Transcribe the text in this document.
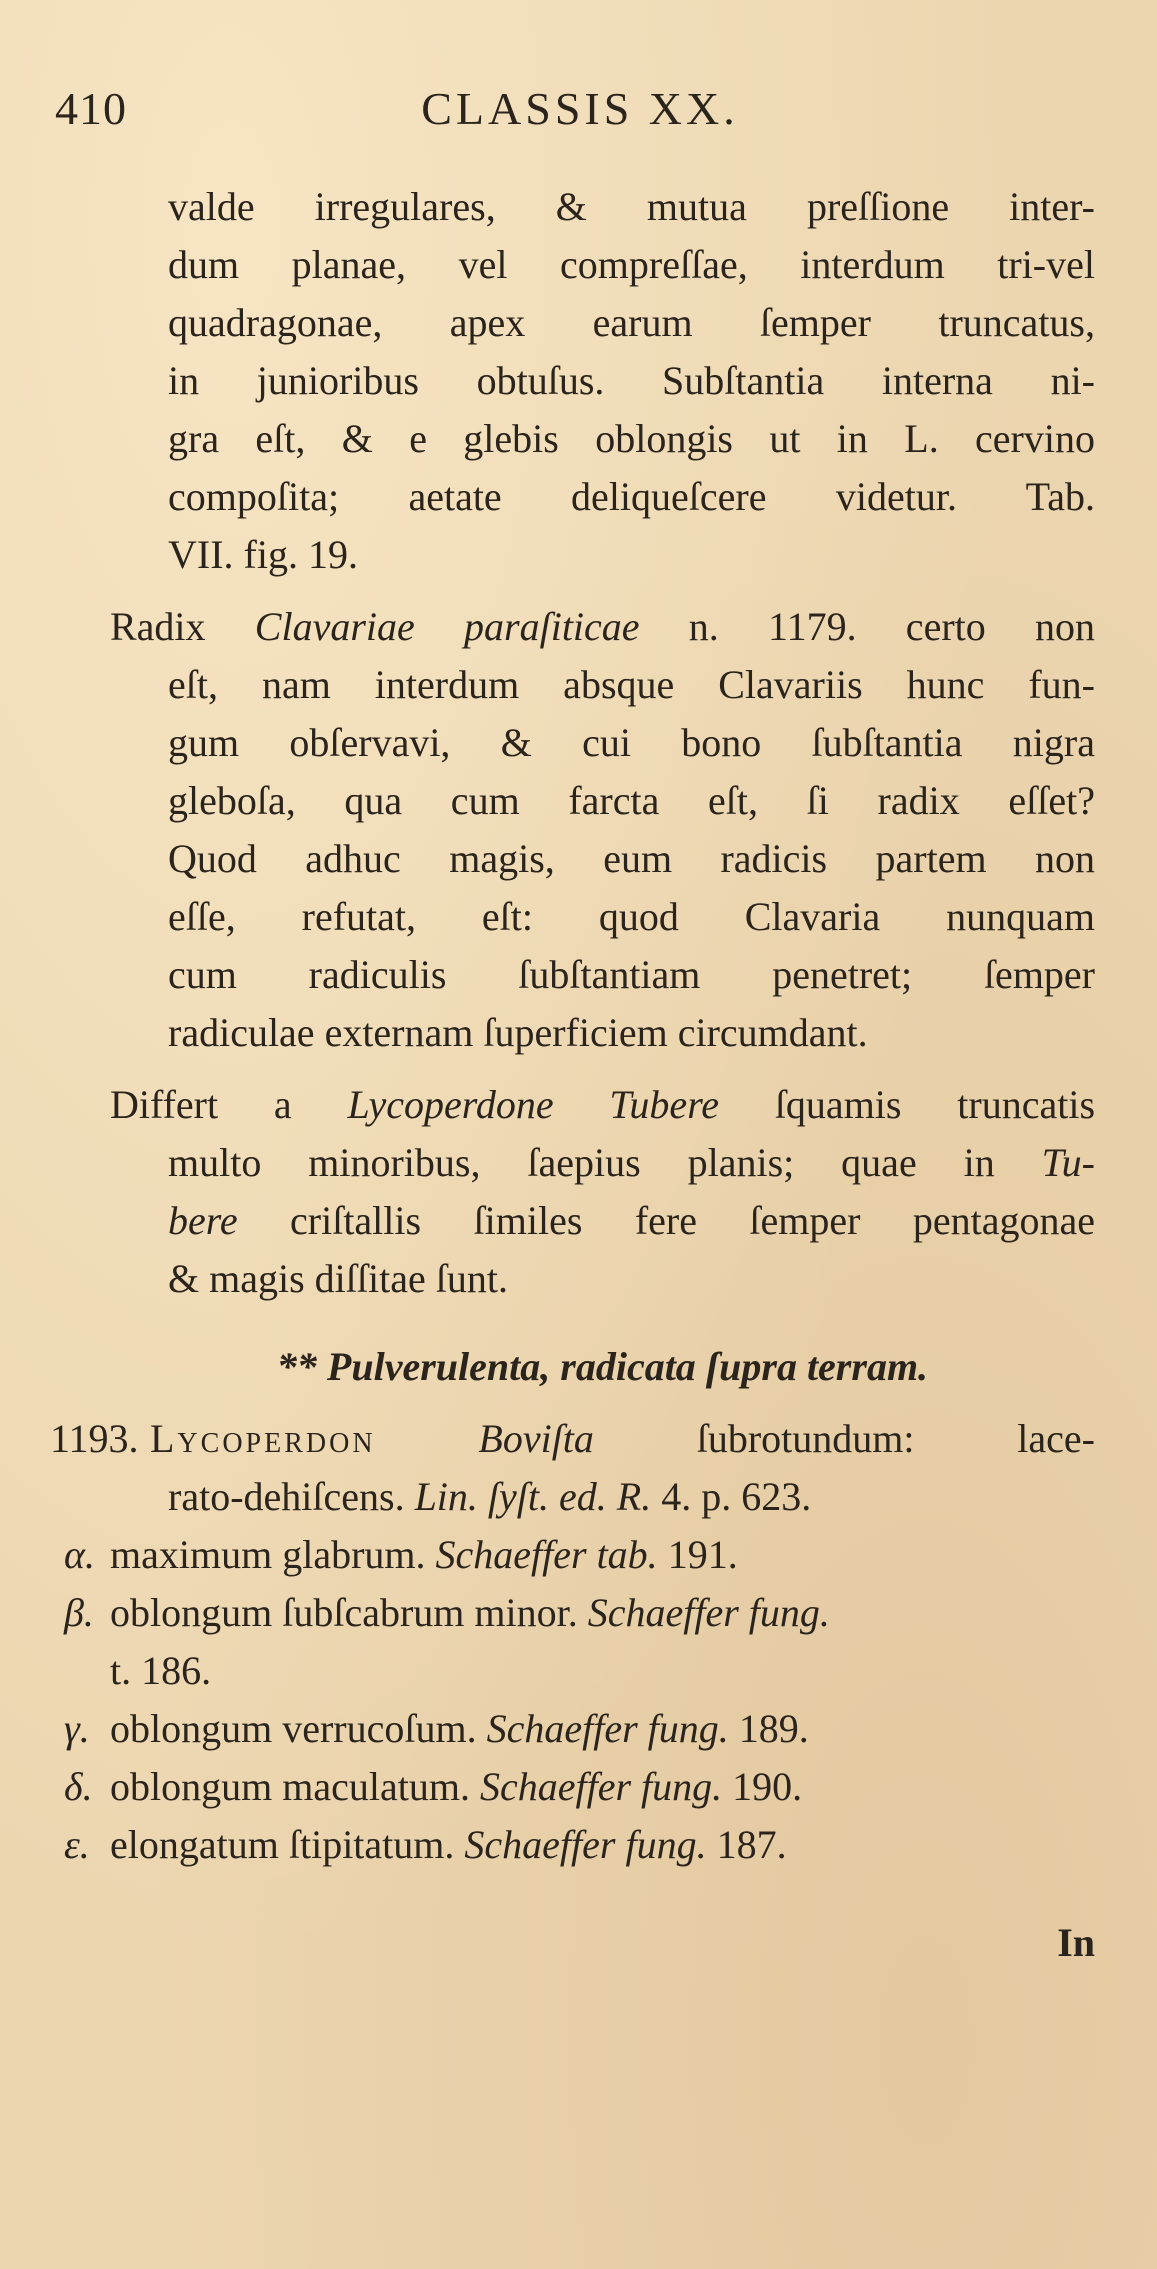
410	CLASSIS XX.
valde irregulares, & mutua preſſione inter-
dum planae, vel compreſſae, interdum tri-vel
quadragonae, apex earum ſemper truncatus,
in junioribus obtuſus. Subſtantia interna ni-
gra eſt, & e glebis oblongis ut in L. cervino
compoſita; aetate deliqueſcere videtur. Tab.
VII. fig. 19.
Radix Clavariae paraſiticae n. 1179. certo non
eſt, nam interdum absque Clavariis hunc fun-
gum obſervavi, & cui bono ſubſtantia nigra
gleboſa, qua cum farcta eſt, ſi radix eſſet?
Quod adhuc magis, eum radicis partem non
eſſe, refutat, eſt: quod Clavaria nunquam
cum radiculis ſubſtantiam penetret; ſemper
radiculae externam ſuperficiem circumdant.
Differt a Lycoperdone Tubere ſquamis truncatis
multo minoribus, ſaepius planis; quae in Tu-
bere criſtallis ſimiles fere ſemper pentagonae
& magis diſſitae ſunt.
** Pulverulenta, radicata ſupra terram.
1193. Lycoperdon	Boviſta ſubrotundum: lace-
rato-dehiſcens. Lin. ſyſt. ed. R. 4. p. 623.
α. maximum glabrum. Schaeffer tab. 191.
β. oblongum ſubſcabrum minor. Schaeffer fung.
t. 186.
γ. oblongum verrucoſum. Schaeffer fung. 189.
δ. oblongum maculatum. Schaeffer fung. 190.
ε. elongatum ſtipitatum. Schaeffer fung. 187.
In
